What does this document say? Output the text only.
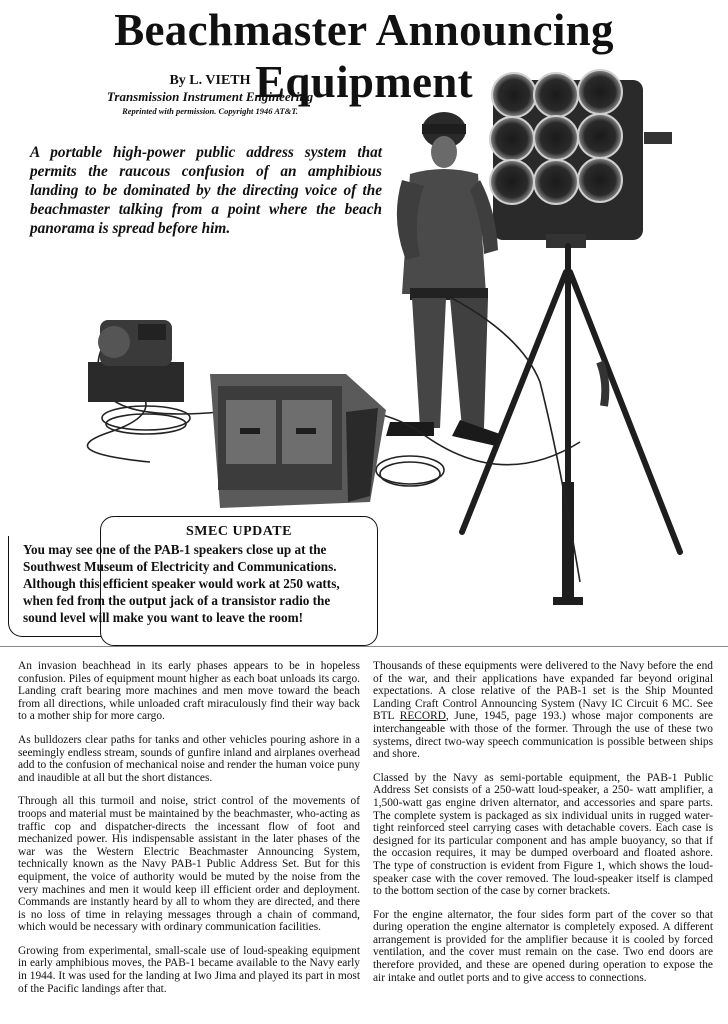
Beachmaster Announcing Equipment
By L. VIETH
Transmission Instrument Engineering
Reprinted with permission. Copyright 1946 AT&T.
A portable high-power public address system that permits the raucous confusion of an amphibious landing to be dominated by the directing voice of the beachmaster talking from a point where the beach panorama is spread before him.
SMEC UPDATE
You may see one of the PAB-1 speakers close up at the Southwest Museum of Electricity and Communications. Although this efficient speaker would work at 250 watts, when fed from the output jack of a transistor radio the sound level will make you want to leave the room!

An invasion beachhead in its early phases appears to be in hopeless confusion. Piles of equipment mount higher as each boat unloads its cargo. Landing craft bearing more machines and men move toward the beach from all directions, while unloaded craft miraculously find their way back to a mother ship for more cargo.

As bulldozers clear paths for tanks and other vehicles pouring ashore in a seemingly endless stream, sounds of gunfire inland and airplanes overhead add to the confusion of mechanical noise and render the human voice puny and inaudible at all but the short distances.

Through all this turmoil and noise, strict control of the movements of troops and material must be maintained by the beachmaster, who-acting as traffic cop and dispatcher-directs the incessant flow of foot and mechanized power. His indispensable assistant in the later phases of the war was the Western Electric Beachmaster Announcing System, technically known as the Navy PAB-1 Public Address Set. But for this equipment, the voice of authority would be muted by the noise from the very machines and men it would keep ill efficient order and deployment. Commands are instantly heard by all to whom they are directed, and there is no loss of time in relaying messages through a chain of command, which would be necessary with ordinary communication facilities.

Growing from experimental, small-scale use of loud-speaking equipment in early amphibious moves, the PAB-1 became available to the Navy early in 1944. It was used for the landing at Iwo Jima and played its part in most of the Pacific landings after that.

Thousands of these equipments were delivered to the Navy before the end of the war, and their applications have expanded far beyond original expectations. A close relative of the PAB-1 set is the Ship Mounted Landing Craft Control Announcing System (Navy IC Circuit 6 MC. See BTL RECORD, June, 1945, page 193.) whose major components are interchangeable with those of the former. Through the use of these two systems, direct two-way speech communication is possible between ships and shore.

Classed by the Navy as semi-portable equipment, the PAB-1 Public Address Set consists of a 250-watt loud-speaker, a 250- watt amplifier, a 1,500-watt gas engine driven alternator, and accessories and spare parts. The complete system is packaged as six individual units in rugged water-tight reinforced steel carrying cases with detachable covers. Each case is designed for its particular component and has ample buoyancy, so that if the occasion requires, it may be dumped overboard and floated ashore. The type of construction is evident from Figure 1, which shows the loud-speaker case with the cover removed. The loud-speaker itself is clamped to the bottom section of the case by corner brackets.

For the engine alternator, the four sides form part of the cover so that during operation the engine alternator is completely exposed. A different arrangement is provided for the amplifier because it is cooled by forced ventilation, and the cover must remain on the case. Two end doors are therefore provided, and these are opened during operation to expose the air intake and outlet ports and to give access to connections.
